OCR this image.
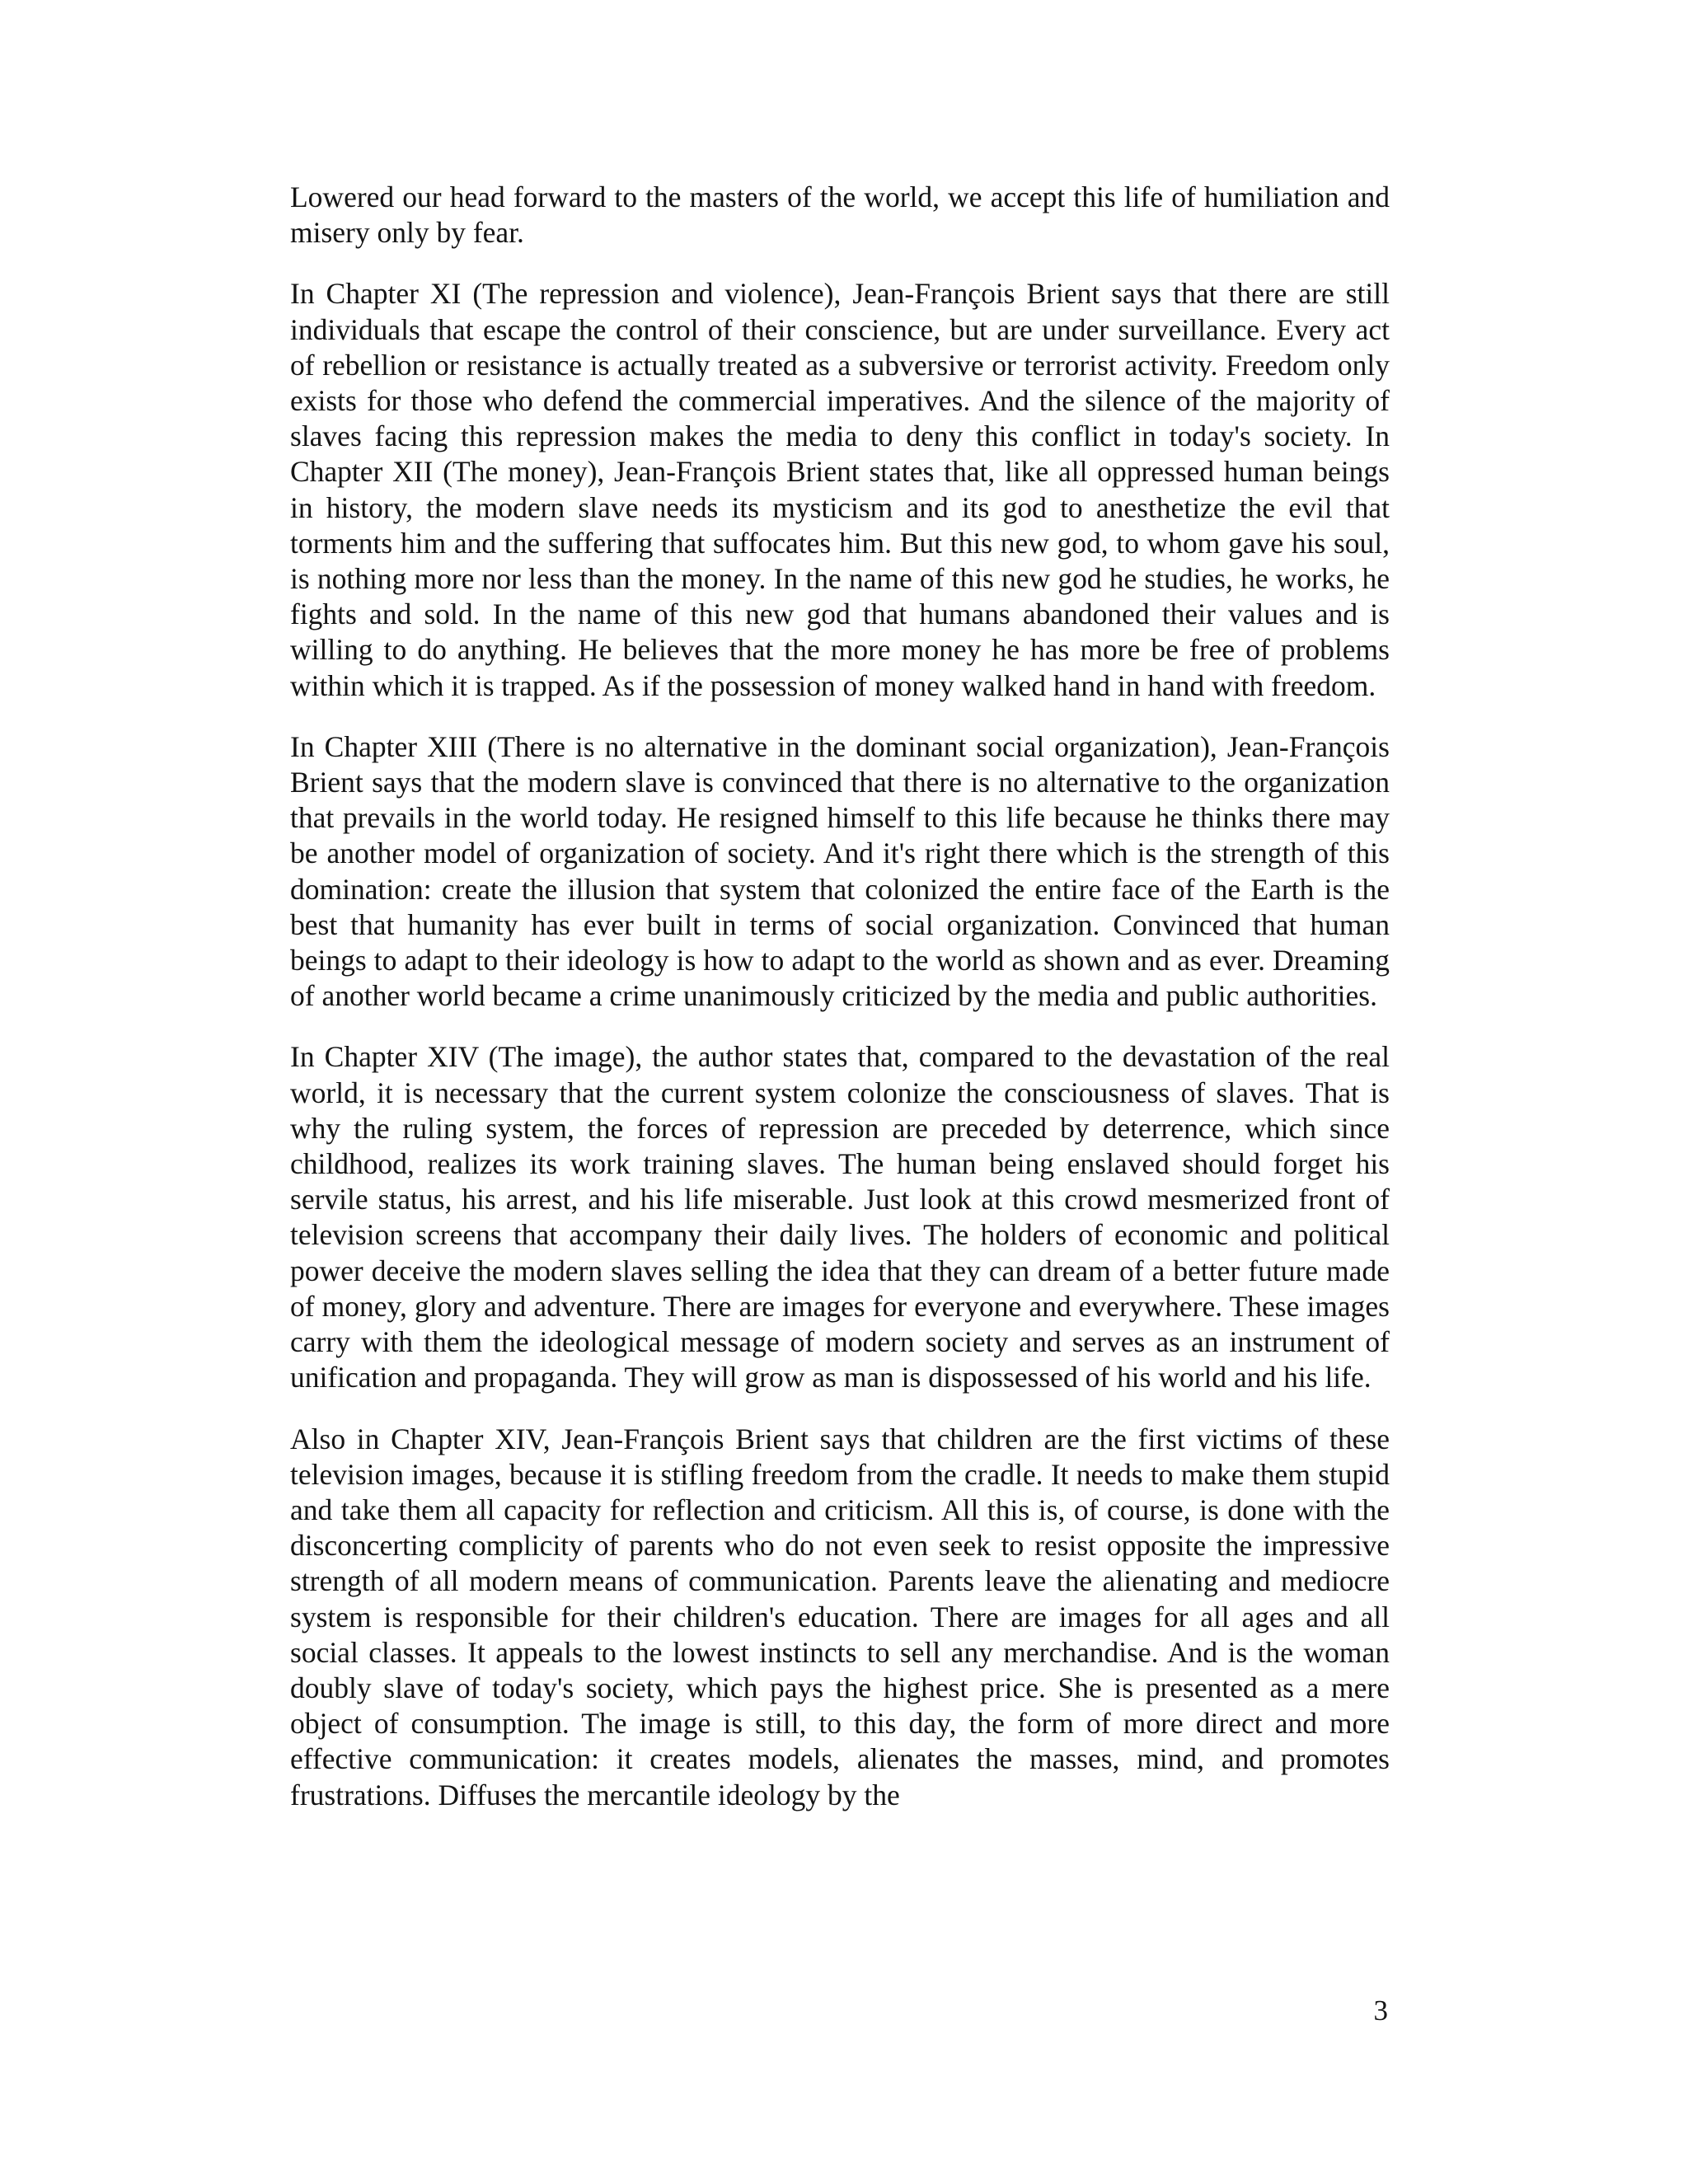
Lowered our head forward to the masters of the world, we accept this life of humiliation and misery only by fear.

In Chapter XI (The repression and violence), Jean-François Brient says that there are still individuals that escape the control of their conscience, but are under surveillance. Every act of rebellion or resistance is actually treated as a subversive or terrorist activity. Freedom only exists for those who defend the commercial imperatives. And the silence of the majority of slaves facing this repression makes the media to deny this conflict in today's society. In Chapter XII (The money), Jean-François Brient states that, like all oppressed human beings in history, the modern slave needs its mysticism and its god to anesthetize the evil that torments him and the suffering that suffocates him. But this new god, to whom gave his soul, is nothing more nor less than the money. In the name of this new god he studies, he works, he fights and sold. In the name of this new god that humans abandoned their values and is willing to do anything. He believes that the more money he has more be free of problems within which it is trapped. As if the possession of money walked hand in hand with freedom.

In Chapter XIII (There is no alternative in the dominant social organization), Jean-François Brient says that the modern slave is convinced that there is no alternative to the organization that prevails in the world today. He resigned himself to this life because he thinks there may be another model of organization of society. And it's right there which is the strength of this domination: create the illusion that system that colonized the entire face of the Earth is the best that humanity has ever built in terms of social organization. Convinced that human beings to adapt to their ideology is how to adapt to the world as shown and as ever. Dreaming of another world became a crime unanimously criticized by the media and public authorities.

In Chapter XIV (The image), the author states that, compared to the devastation of the real world, it is necessary that the current system colonize the consciousness of slaves. That is why the ruling system, the forces of repression are preceded by deterrence, which since childhood, realizes its work training slaves. The human being enslaved should forget his servile status, his arrest, and his life miserable. Just look at this crowd mesmerized front of television screens that accompany their daily lives. The holders of economic and political power deceive the modern slaves selling the idea that they can dream of a better future made of money, glory and adventure. There are images for everyone and everywhere. These images carry with them the ideological message of modern society and serves as an instrument of unification and propaganda. They will grow as man is dispossessed of his world and his life.

Also in Chapter XIV, Jean-François Brient says that children are the first victims of these television images, because it is stifling freedom from the cradle. It needs to make them stupid and take them all capacity for reflection and criticism. All this is, of course, is done with the disconcerting complicity of parents who do not even seek to resist opposite the impressive strength of all modern means of communication. Parents leave the alienating and mediocre system is responsible for their children's education. There are images for all ages and all social classes. It appeals to the lowest instincts to sell any merchandise. And is the woman doubly slave of today's society, which pays the highest price. She is presented as a mere object of consumption. The image is still, to this day, the form of more direct and more effective communication: it creates models, alienates the masses, mind, and promotes frustrations. Diffuses the mercantile ideology by the

3
